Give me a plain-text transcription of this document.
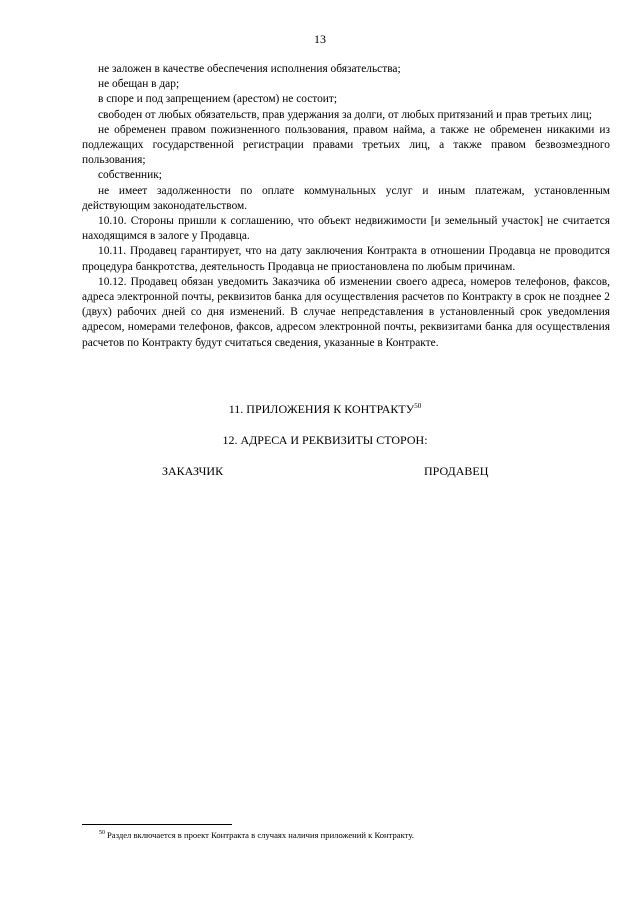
13

не заложен в качестве обеспечения исполнения обязательства;

не обещан в дар;

в споре и под запрещением (арестом) не состоит;

свободен от любых обязательств, прав удержания за долги, от любых притязаний и прав третьих лиц;

не обременен правом пожизненного пользования, правом найма, а также не обременен никакими из подлежащих государственной регистрации правами третьих лиц, а также правом безвозмездного пользования;

собственник;

не имеет задолженности по оплате коммунальных услуг и иным платежам, установленным действующим законодательством.

10.10. Стороны пришли к соглашению, что объект недвижимости [и земельный участок] не считается находящимся в залоге у Продавца.

10.11. Продавец гарантирует, что на дату заключения Контракта в отношении Продавца не проводится процедура банкротства, деятельность Продавца не приостановлена по любым причинам.

10.12. Продавец обязан уведомить Заказчика об изменении своего адреса, номеров телефонов, факсов, адреса электронной почты, реквизитов банка для осуществления расчетов по Контракту в срок не позднее 2 (двух) рабочих дней со дня изменений. В случае непредставления в установленный срок уведомления адресом, номерами телефонов, факсов, адресом электронной почты, реквизитами банка для осуществления расчетов по Контракту будут считаться сведения, указанные в Контракте.

11. ПРИЛОЖЕНИЯ К КОНТРАКТУ$^{50}$
12. АДРЕСА И РЕКВИЗИТЫ СТОРОН:
ЗАКАЗЧИК	ПРОДАВЕЦ
$^{50}$ Раздел включается в проект Контракта в случаях наличия приложений к Контракту.
